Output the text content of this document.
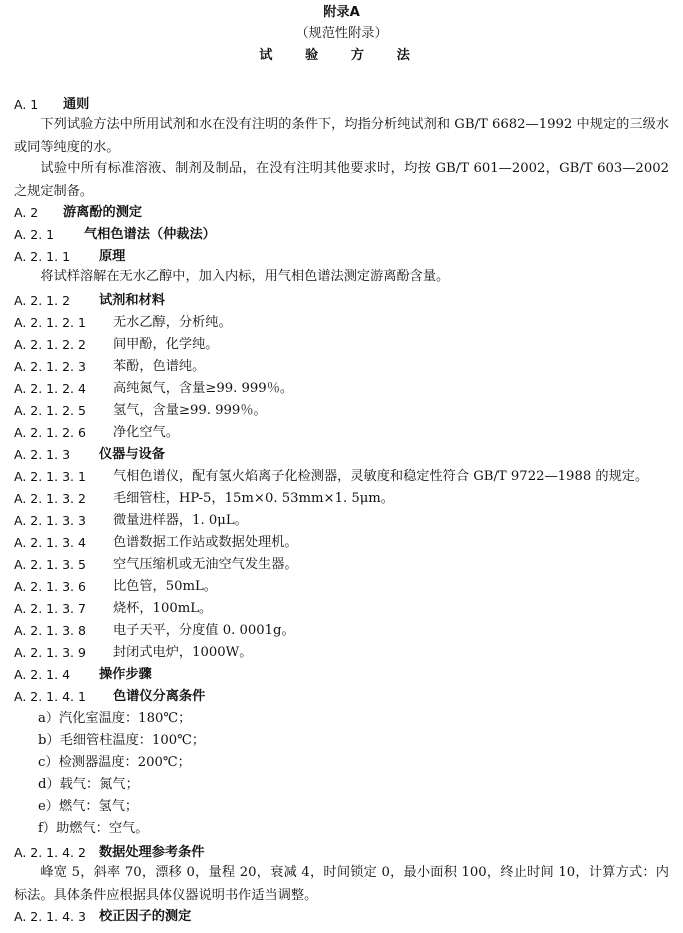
附录A
（规范性附录）
试 验 方 法
A. 1 通则
下列试验方法中所用试剂和水在没有注明的条件下，均指分析纯试剂和 GB/T 6682—1992 中规定的三级水或同等纯度的水。
试验中所有标准溶液、制剂及制品，在没有注明其他要求时，均按 GB/T 601—2002，GB/T 603—2002 之规定制备。
A. 2 游离酚的测定
A. 2. 1 气相色谱法（仲裁法）
A. 2. 1. 1 原理
将试样溶解在无水乙醇中，加入内标，用气相色谱法测定游离酚含量。
A. 2. 1. 2 试剂和材料
A. 2. 1. 2. 1 无水乙醇，分析纯。
A. 2. 1. 2. 2 间甲酚，化学纯。
A. 2. 1. 2. 3 苯酚，色谱纯。
A. 2. 1. 2. 4 高纯氮气，含量≥99. 999％。
A. 2. 1. 2. 5 氢气，含量≥99. 999％。
A. 2. 1. 2. 6 净化空气。
A. 2. 1. 3 仪器与设备
A. 2. 1. 3. 1 气相色谱仪，配有氢火焰离子化检测器，灵敏度和稳定性符合 GB/T 9722—1988 的规定。
A. 2. 1. 3. 2 毛细管柱，HP-5，15m×0. 53mm×1. 5μm。
A. 2. 1. 3. 3 微量进样器，1. 0μL。
A. 2. 1. 3. 4 色谱数据工作站或数据处理机。
A. 2. 1. 3. 5 空气压缩机或无油空气发生器。
A. 2. 1. 3. 6 比色管，50mL。
A. 2. 1. 3. 7 烧杯，100mL。
A. 2. 1. 3. 8 电子天平，分度值 0. 0001g。
A. 2. 1. 3. 9 封闭式电炉，1000W。
A. 2. 1. 4 操作步骤
A. 2. 1. 4. 1 色谱仪分离条件
a）汽化室温度：180℃；
b）毛细管柱温度：100℃；
c）检测器温度：200℃；
d）载气：氮气；
e）燃气：氢气；
f）助燃气：空气。
A. 2. 1. 4. 2 数据处理参考条件
峰宽 5，斜率 70，漂移 0，量程 20，衰减 4，时间锁定 0，最小面积 100，终止时间 10，计算方式：内标法。具体条件应根据具体仪器说明书作适当调整。
A. 2. 1. 4. 3 校正因子的测定
